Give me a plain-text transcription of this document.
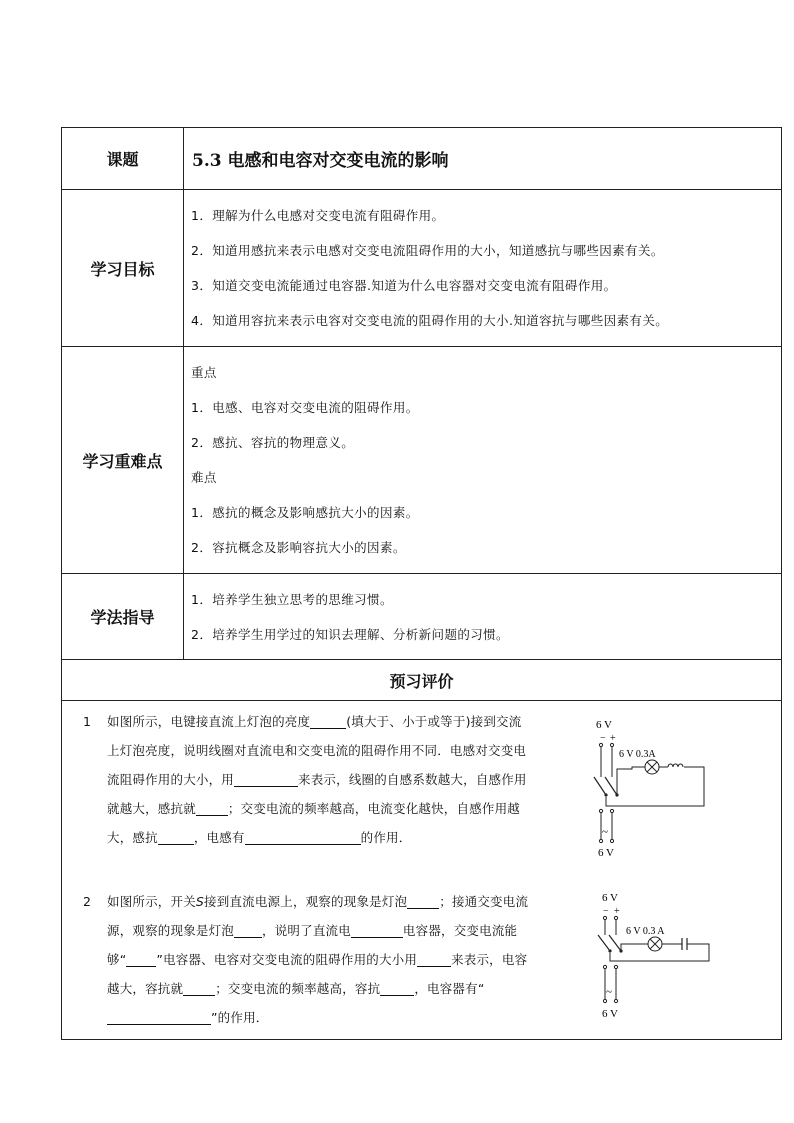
课题	5.3 电感和电容对交变电流的影响
学习目标	
1．理解为什么电感对交变电流有阻碍作用。
2．知道用感抗来表示电感对交变电流阻碍作用的大小，知道感抗与哪些因素有关。
3．知道交变电流能通过电容器.知道为什么电容器对交变电流有阻碍作用。
4．知道用容抗来表示电容对交变电流的阻碍作用的大小.知道容抗与哪些因素有关。

学习重难点	
重点
1．电感、电容对交变电流的阻碍作用。
2．感抗、容抗的物理意义。
难点
1．感抗的概念及影响感抗大小的因素。
2．容抗概念及影响容抗大小的因素。

学法指导	
1．培养学生独立思考的思维习惯。
2．培养学生用学过的知识去理解、分析新问题的习惯。

预习评价

1 如图所示，电键接直流上灯泡的亮度	(填大于、小于或等于)接到交流上灯泡亮度，说明线圈对直流电和交变电流的阻碍作用不同．电感对交变电流阻碍作用的大小，用	来表示，线圈的自感系数越大，自感作用就越大，感抗就	；交变电流的频率越高，电流变化越快，自感作用越大，感抗	，电感有	的作用．

6 V
− +
6 V 0.3A
~
6 V

2 如图所示，开关S接到直流电源上，观察的现象是灯泡	；接通交变电流源，观察的现象是灯泡 ，说明了直流电	电容器，交变电流能够“ ”电容器、电容对交变电流的阻碍作用的大小用	来表示，电容越大，容抗就	；交变电流的频率越高，容抗	，电容器有“”的作用．

6 V
− +
6 V 0.3 A
~
6 V
